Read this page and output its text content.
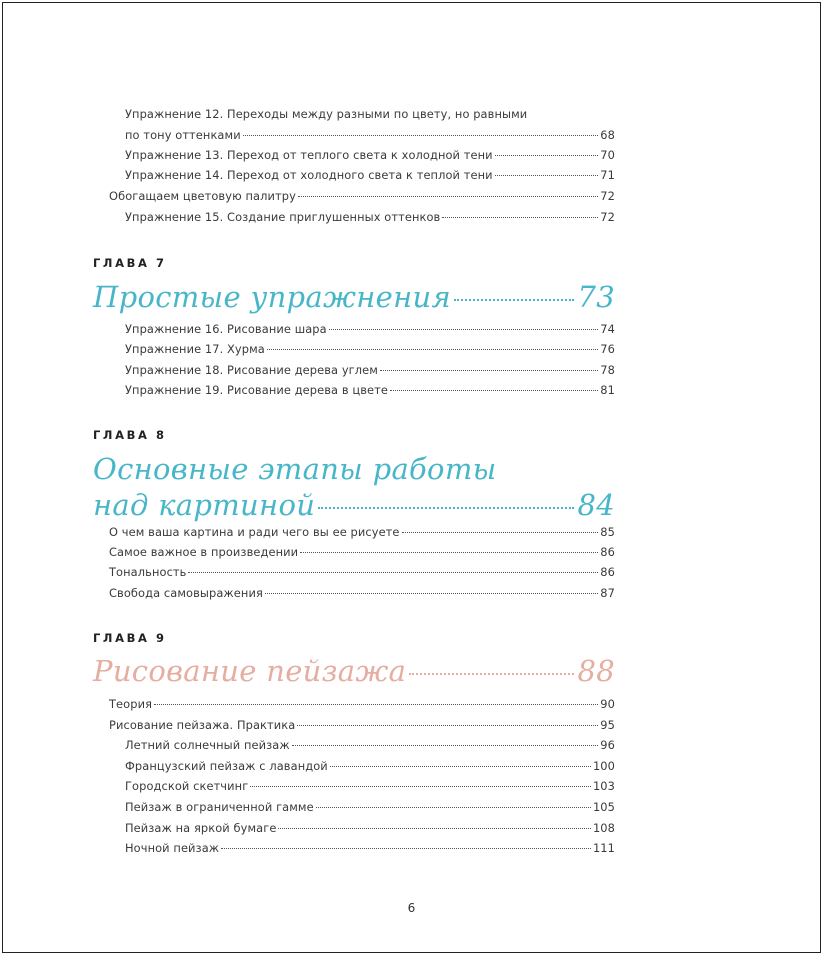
Упражнение 12. Переходы между разными по цвету, но равными
по тону оттенками	68
Упражнение 13. Переход от теплого света к холодной тени	70
Упражнение 14. Переход от холодного света к теплой тени	71
Обогащаем цветовую палитру	72
Упражнение 15. Создание приглушенных оттенков	72
ГЛАВА 7
Простые упражнения	73
Упражнение 16. Рисование шара	74
Упражнение 17. Хурма	76
Упражнение 18. Рисование дерева углем	78
Упражнение 19. Рисование дерева в цвете	81
ГЛАВА 8
Основные этапы работы
над картиной	84
О чем ваша картина и ради чего вы ее рисуете	85
Самое важное в произведении	86
Тональность	86
Свобода самовыражения	87
ГЛАВА 9
Рисование пейзажа	88
Теория	90
Рисование пейзажа. Практика	95
Летний солнечный пейзаж	96
Французский пейзаж с лавандой	100
Городской скетчинг	103
Пейзаж в ограниченной гамме	105
Пейзаж на яркой бумаге	108
Ночной пейзаж	111
6
